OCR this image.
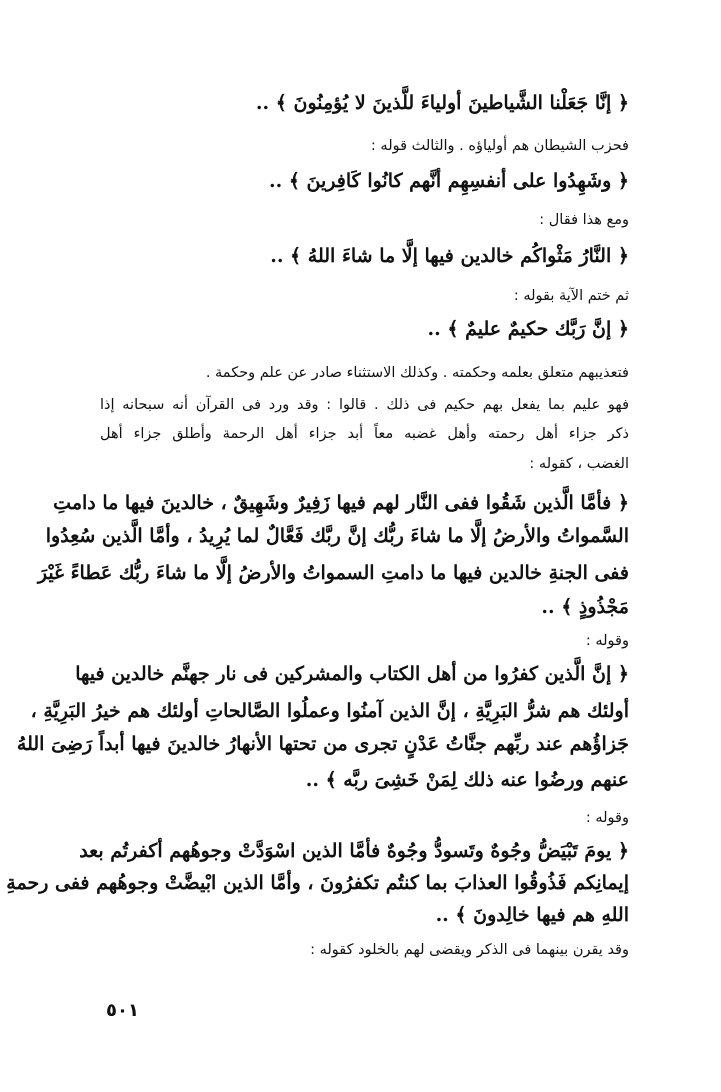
﴿ إنَّا جَعَلْنا الشَّياطينَ أولياءَ للَّذينَ لا يُؤمِنُونَ ﴾ ..
فحزب الشيطان هم أولياؤه . والثالث قوله :
﴿ وشَهِدُوا على أنفسِهِم أنَّهم كانُوا كَافِرينَ ﴾ ..
ومع هذا فقال :
﴿ النَّارُ مَثْواكُم خالدين فيها إلَّا ما شاءَ اللهُ ﴾ ..
ثم ختم الآية بقوله :
﴿ إنَّ رَبَّك حكيمٌ عليمٌ ﴾ ..
فتعذيبهم متعلق بعلمه وحكمته . وكذلك الاستثناء صادر عن علم وحكمة .
فهو عليم بما يفعل بهم حكيم فى ذلك . قالوا : وقد ورد فى القرآن أنه سبحانه إذا
ذكر جزاء أهل رحمته وأهل غضبه معاً أبد جزاء أهل الرحمة وأطلق جزاء أهل
الغضب ، كقوله :
﴿ فأمَّا الَّذين شَقُوا ففى النَّار لهم فيها زَفِيرٌ وشَهِيقٌ ، خالدينَ فيها ما دامتِ
السَّمواتُ والأرضُ إلَّا ما شاءَ ربُّك إنَّ ربَّك فَعَّالٌ لما يُرِيدُ ، وأمَّا الَّذين سُعِدُوا
ففى الجنةِ خالدين فيها ما دامتِ السمواتُ والأرضُ إلَّا ما شاءَ ربُّك عَطاءً غَيْرَ
مَجْذُوذٍ ﴾ ..
وقوله :
﴿ إنَّ الَّذين كفرُوا من أهل الكتاب والمشركين فى نار جهنَّم خالدين فيها
أولئك هم شرُّ البَرِيَّةِ ، إنَّ الذين آمنُوا وعملُوا الصَّالحاتِ أولئك هم خيرُ البَرِيَّةِ ،
جَزاؤُهم عند ربِّهم جنَّاتُ عَدْنٍ تجرى من تحتها الأنهارُ خالدينَ فيها أبداً رَضِىَ اللهُ
عنهم ورضُوا عنه ذلك لِمَنْ خَشِىَ ربَّه ﴾ ..
وقوله :
﴿ يومَ تَبْيَضُّ وجُوهٌ وتَسودُّ وجُوهٌ فأمَّا الذين اسْوَدَّتْ وجوهُهم أكفرتُم بعد
إيمانِكم فَذُوقُوا العذابَ بما كنتُم تكفرُونَ ، وأمَّا الذين ابْيضَّتْ وجوهُهم ففى رحمةِ
اللهِ هم فيها خالِدونَ ﴾ ..
وقد يقرن بينهما فى الذكر ويقضى لهم بالخلود كقوله :
٥٠١
